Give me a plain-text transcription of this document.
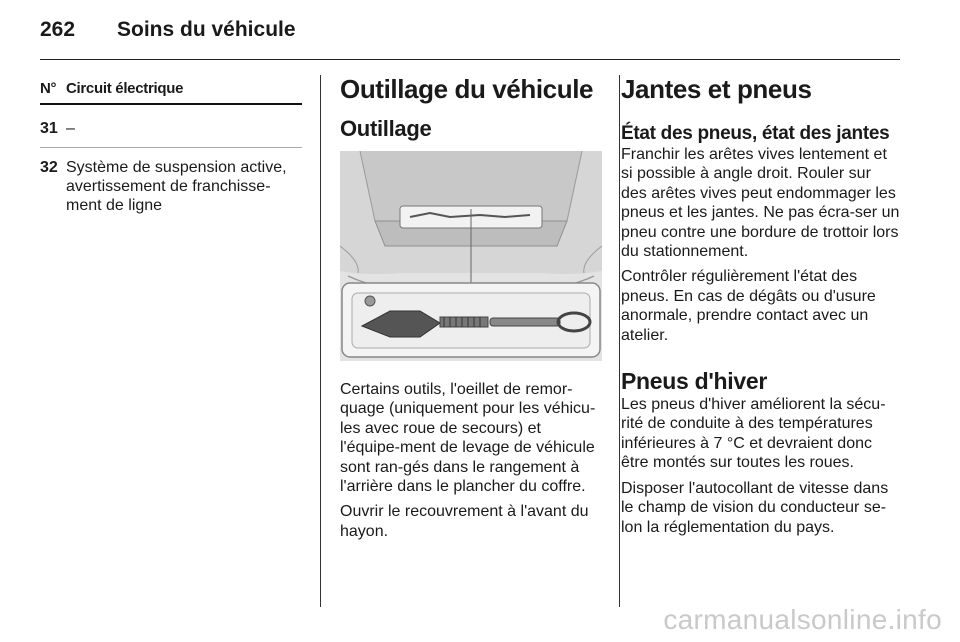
262 Soins du véhicule
N° Circuit électrique
31 –
32 Système de suspension active, avertissement de franchisse-ment de ligne
Outillage du véhicule
Outillage

Certains outils, l'oeillet de remor-quage (uniquement pour les véhicu-les avec roue de secours) et l'équipe-ment de levage de véhicule sont ran-gés dans le rangement à l'arrière dans le plancher du coffre.

Ouvrir le recouvrement à l'avant du hayon.

Jantes et pneus
État des pneus, état des jantes

Franchir les arêtes vives lentement et si possible à angle droit. Rouler sur des arêtes vives peut endommager les pneus et les jantes. Ne pas écra-ser un pneu contre une bordure de trottoir lors du stationnement.

Contrôler régulièrement l'état des pneus. En cas de dégâts ou d'usure anormale, prendre contact avec un atelier.

Pneus d'hiver

Les pneus d'hiver améliorent la sécu-rité de conduite à des températures inférieures à 7 °C et devraient donc être montés sur toutes les roues.

Disposer l'autocollant de vitesse dans le champ de vision du conducteur se-lon la réglementation du pays.

carmanualsonline.info
